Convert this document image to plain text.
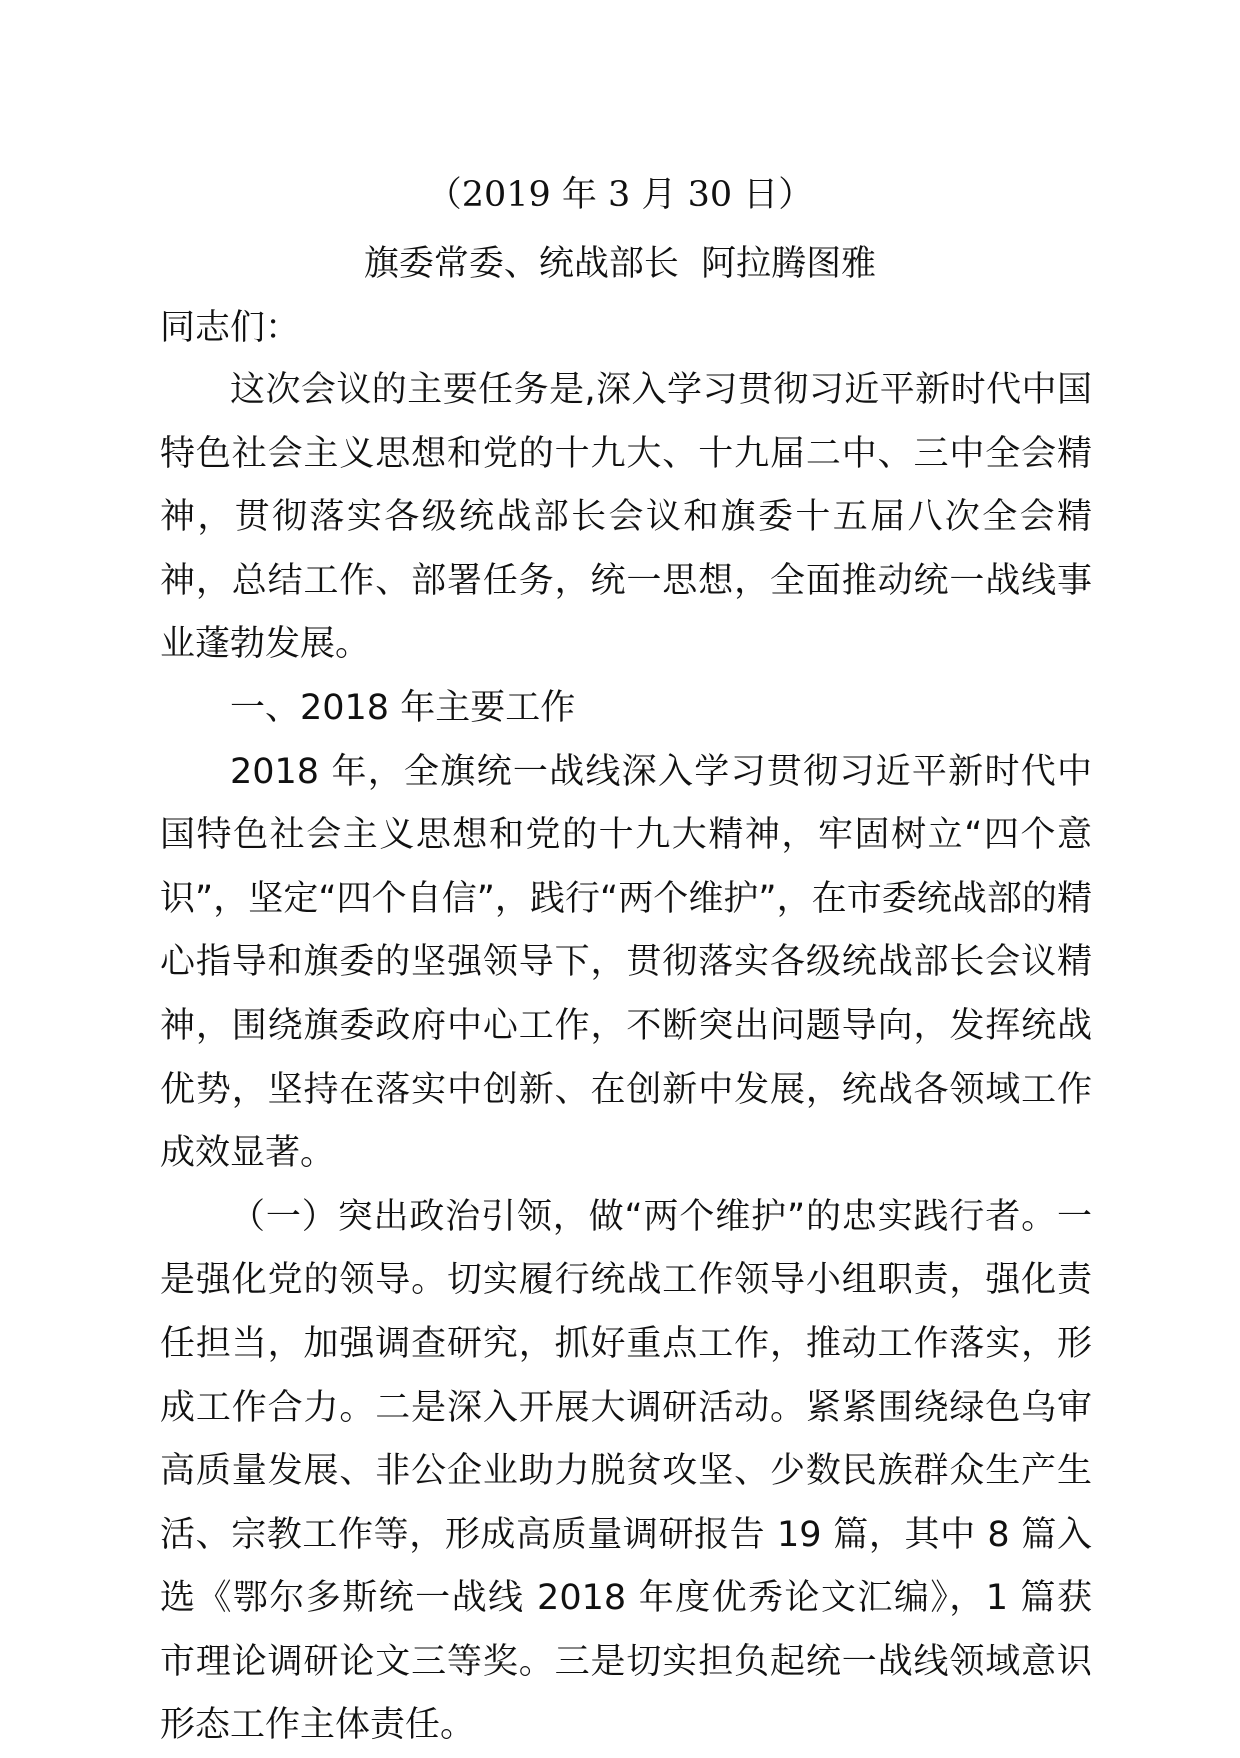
（2019 年 3 月 30 日）
旗委常委、统战部长  阿拉腾图雅
同志们：

这次会议的主要任务是,深入学习贯彻习近平新时代中国特色社会主义思想和党的十九大、十九届二中、三中全会精神，贯彻落实各级统战部长会议和旗委十五届八次全会精神，总结工作、部署任务，统一思想，全面推动统一战线事业蓬勃发展。

一、2018 年主要工作

2018 年，全旗统一战线深入学习贯彻习近平新时代中国特色社会主义思想和党的十九大精神，牢固树立“四个意识”，坚定“四个自信”，践行“两个维护”，在市委统战部的精心指导和旗委的坚强领导下，贯彻落实各级统战部长会议精神，围绕旗委政府中心工作，不断突出问题导向，发挥统战优势，坚持在落实中创新、在创新中发展，统战各领域工作成效显著。

（一）突出政治引领，做“两个维护”的忠实践行者。一是强化党的领导。切实履行统战工作领导小组职责，强化责任担当，加强调查研究，抓好重点工作，推动工作落实，形成工作合力。二是深入开展大调研活动。紧紧围绕绿色乌审高质量发展、非公企业助力脱贫攻坚、少数民族群众生产生活、宗教工作等，形成高质量调研报告 19 篇，其中 8 篇入选《鄂尔多斯统一战线 2018 年度优秀论文汇编》，1 篇获市理论调研论文三等奖。三是切实担负起统一战线领域意识形态工作主体责任。
